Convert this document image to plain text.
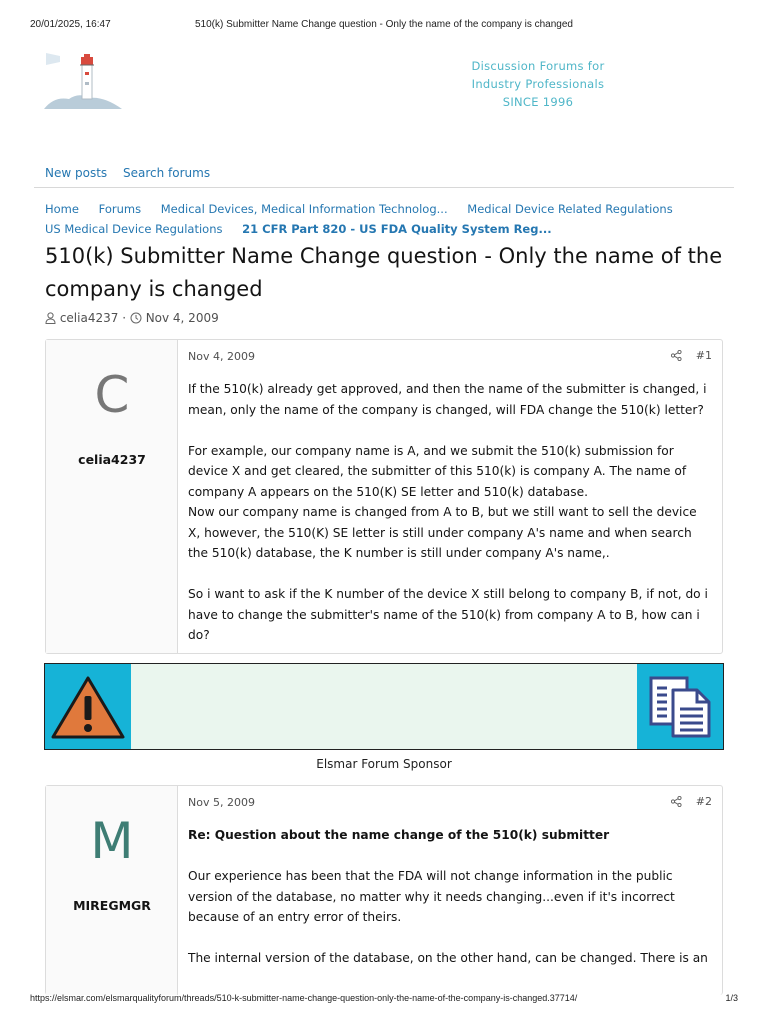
20/01/2025, 16:47	510(k) Submitter Name Change question - Only the name of the company is changed
Discussion Forums for
Industry Professionals
SINCE 1996
New posts Search forums
Home Forums Medical Devices, Medical Information Technolog... Medical Device Related Regulations
US Medical Device Regulations 21 CFR Part 820 - US FDA Quality System Reg...
510(k) Submitter Name Change question - Only the name of the company is changed
celia4237 · Nov 4, 2009
C
celia4237
Nov 4, 2009	#1

If the 510(k) already get approved, and then the name of the submitter is changed, i mean, only the name of the company is changed, will FDA change the 510(k) letter?

For example, our company name is A, and we submit the 510(k) submission for device X and get cleared, the submitter of this 510(k) is company A. The name of company A appears on the 510(K) SE letter and 510(k) database.

Now our company name is changed from A to B, but we still want to sell the device X, however, the 510(K) SE letter is still under company A's name and when search the 510(k) database, the K number is still under company A's name,.

So i want to ask if the K number of the device X still belong to company B, if not, do i have to change the submitter's name of the 510(k) from company A to B, how can i do?

Elsmar Forum Sponsor
M
MIREGMGR
Nov 5, 2009	#2

Re: Question about the name change of the 510(k) submitter

Our experience has been that the FDA will not change information in the public version of the database, no matter why it needs changing...even if it's incorrect because of an entry error of theirs.

The internal version of the database, on the other hand, can be changed. There is an

https://elsmar.com/elsmarqualityforum/threads/510-k-submitter-name-change-question-only-the-name-of-the-company-is-changed.37714/	1/3
